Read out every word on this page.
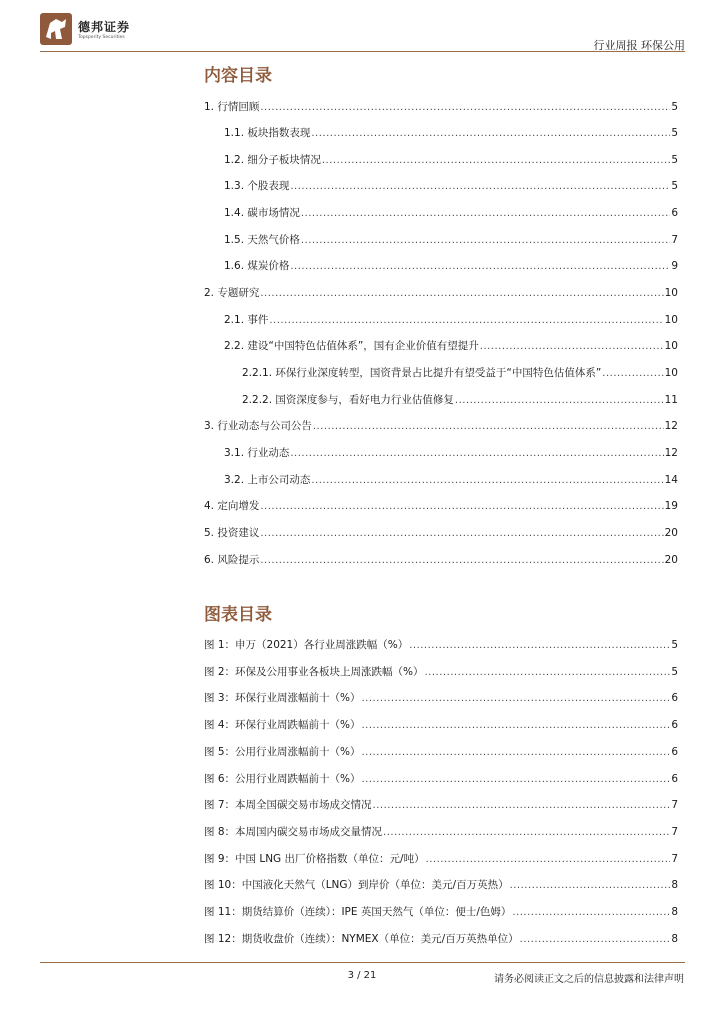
德邦证券
Topsperity Securities
行业周报 环保公用
内容目录
1. 行情回顾 .....	5
1.1. 板块指数表现 .....	5
1.2. 细分子板块情况 .....	5
1.3. 个股表现 .....	5
1.4. 碳市场情况 .....	6
1.5. 天然气价格 .....	7
1.6. 煤炭价格 .....	9
2. 专题研究 .....	10
2.1. 事件 .....	10
2.2. 建设“中国特色估值体系”，国有企业价值有望提升 .....	10
2.2.1. 环保行业深度转型，国资背景占比提升有望受益于“中国特色估值体系” .....	10
2.2.2. 国资深度参与，看好电力行业估值修复 .....	11
3. 行业动态与公司公告 .....	12
3.1. 行业动态 .....	12
3.2. 上市公司动态 .....	14
4. 定向增发 .....	19
5. 投资建议 .....	20
6. 风险提示 .....	20
图表目录
图 1：申万（2021）各行业周涨跌幅（%） .....	5
图 2：环保及公用事业各板块上周涨跌幅（%） .....	5
图 3：环保行业周涨幅前十（%） .....	6
图 4：环保行业周跌幅前十（%） .....	6
图 5：公用行业周涨幅前十（%） .....	6
图 6：公用行业周跌幅前十（%） .....	6
图 7：本周全国碳交易市场成交情况 .....	7
图 8：本周国内碳交易市场成交量情况 .....	7
图 9：中国 LNG 出厂价格指数（单位：元/吨） .....	7
图 10：中国液化天然气（LNG）到岸价（单位：美元/百万英热） .....	8
图 11：期货结算价（连续）：IPE 英国天然气（单位：便士/色姆） .....	8
图 12：期货收盘价（连续）：NYMEX（单位：美元/百万英热单位） .....	8
3 / 21	请务必阅读正文之后的信息披露和法律声明
